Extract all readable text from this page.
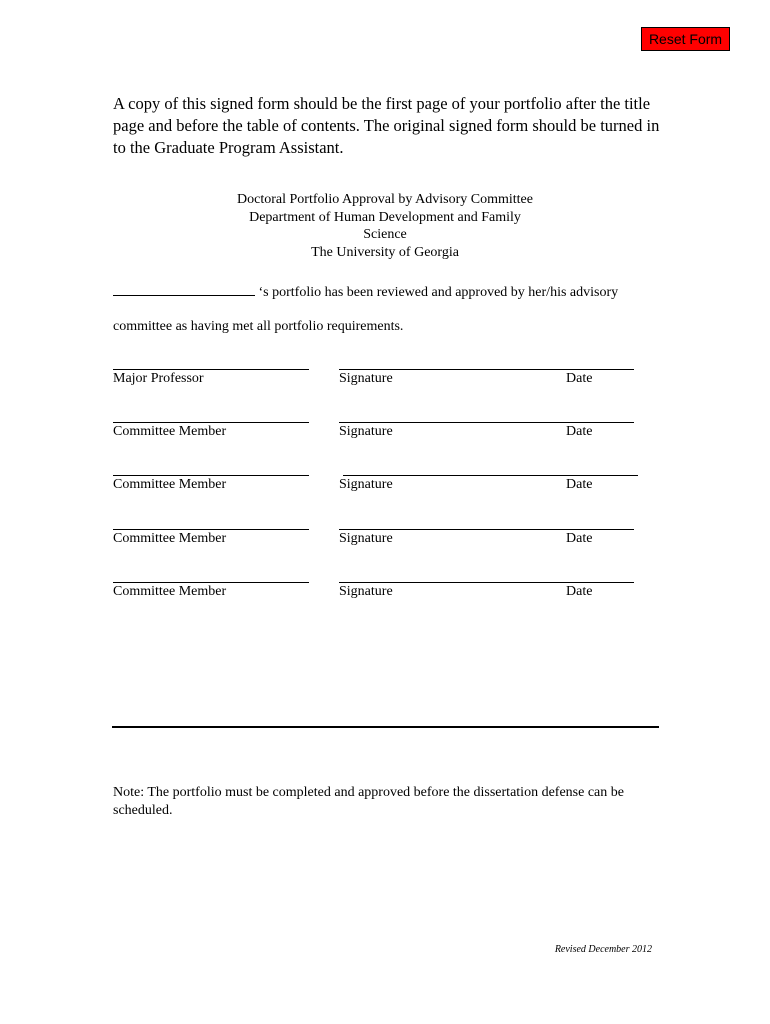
Reset Form

A copy of this signed form should be the first page of your portfolio after the title page and before the table of contents. The original signed form should be turned in to the Graduate Program Assistant.

Doctoral Portfolio Approval by Advisory Committee
Department of Human Development and Family
Science
The University of Georgia
‘s portfolio has been reviewed and approved by her/his advisory
committee as having met all portfolio requirements.
Major Professor	Signature	Date
Committee Member	Signature	Date
Committee Member	Signature	Date
Committee Member	Signature	Date
Committee Member	Signature	Date
Note: The portfolio must be completed and approved before the dissertation defense can be scheduled.
Revised December 2012
